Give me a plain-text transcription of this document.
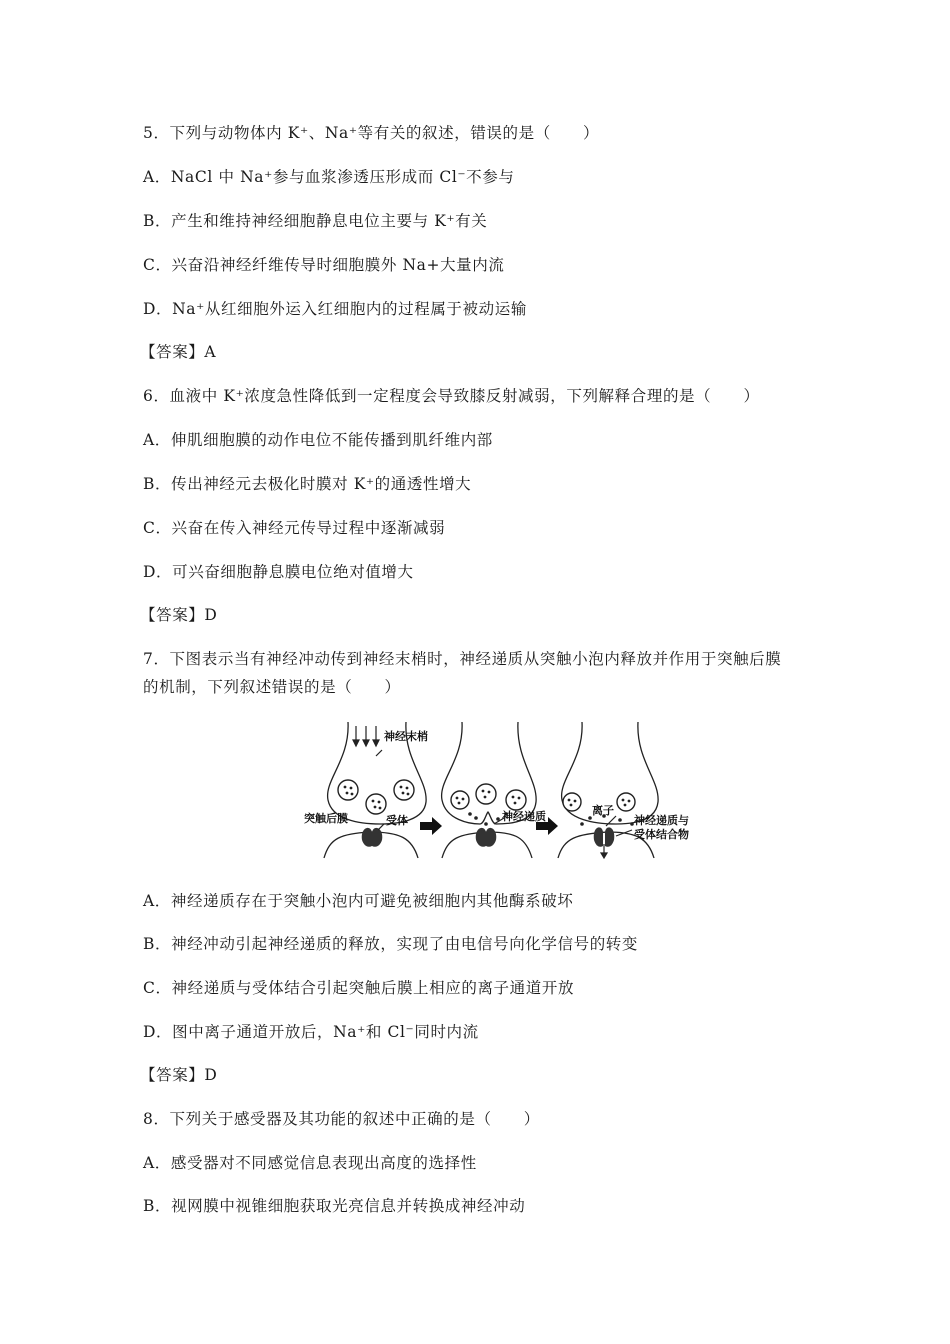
5．下列与动物体内 K⁺、Na⁺等有关的叙述，错误的是（　　）
A．NaCl 中 Na⁺参与血浆渗透压形成而 Cl⁻不参与
B．产生和维持神经细胞静息电位主要与 K⁺有关
C．兴奋沿神经纤维传导时细胞膜外 Na+大量内流
D．Na⁺从红细胞外运入红细胞内的过程属于被动运输
【答案】A
6．血液中 K⁺浓度急性降低到一定程度会导致膝反射减弱，下列解释合理的是（　　）
A．伸肌细胞膜的动作电位不能传播到肌纤维内部
B．传出神经元去极化时膜对 K⁺的通透性增大
C．兴奋在传入神经元传导过程中逐渐减弱
D．可兴奋细胞静息膜电位绝对值增大
【答案】D
7．下图表示当有神经冲动传到神经末梢时，神经递质从突触小泡内释放并作用于突触后膜
的机制，下列叙述错误的是（　　）
神经末梢
突触后膜	受体	神经递质	离子
神经递质与
受体结合物
A．神经递质存在于突触小泡内可避免被细胞内其他酶系破坏
B．神经冲动引起神经递质的释放，实现了由电信号向化学信号的转变
C．神经递质与受体结合引起突触后膜上相应的离子通道开放
D．图中离子通道开放后，Na⁺和 Cl⁻同时内流
【答案】D
8．下列关于感受器及其功能的叙述中正确的是（　　）
A．感受器对不同感觉信息表现出高度的选择性
B．视网膜中视锥细胞获取光亮信息并转换成神经冲动
